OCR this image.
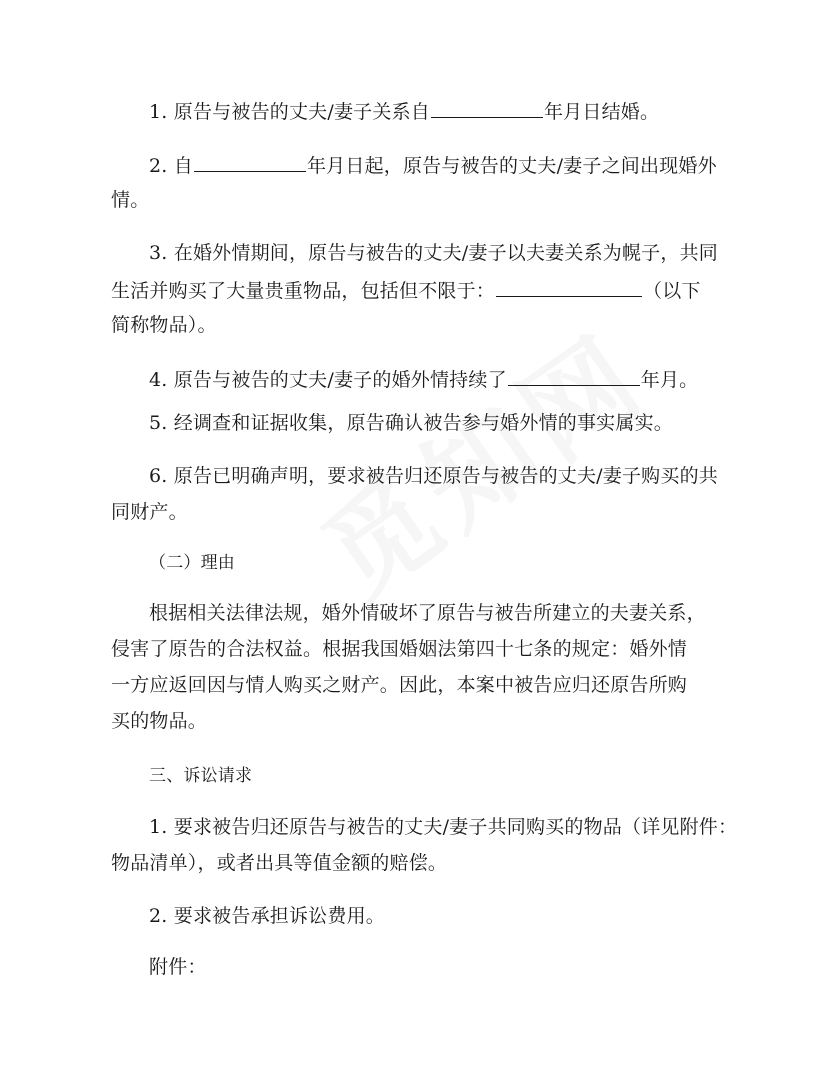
1. 原告与被告的丈夫/妻子关系自	年月日结婚。
2. 自	年月日起，原告与被告的丈夫/妻子之间出现婚外
情。
3. 在婚外情期间，原告与被告的丈夫/妻子以夫妻关系为幌子，共同
生活并购买了大量贵重物品，包括但不限于：	（以下
简称物品）。
4. 原告与被告的丈夫/妻子的婚外情持续了	年月。
5. 经调查和证据收集，原告确认被告参与婚外情的事实属实。
6. 原告已明确声明，要求被告归还原告与被告的丈夫/妻子购买的共
同财产。
（二）理由
根据相关法律法规，婚外情破坏了原告与被告所建立的夫妻关系，
侵害了原告的合法权益。根据我国婚姻法第四十七条的规定：婚外情
一方应返回因与情人购买之财产。因此，本案中被告应归还原告所购
买的物品。
三、诉讼请求
1. 要求被告归还原告与被告的丈夫/妻子共同购买的物品（详见附件：
物品清单），或者出具等值金额的赔偿。
2. 要求被告承担诉讼费用。
附件：
